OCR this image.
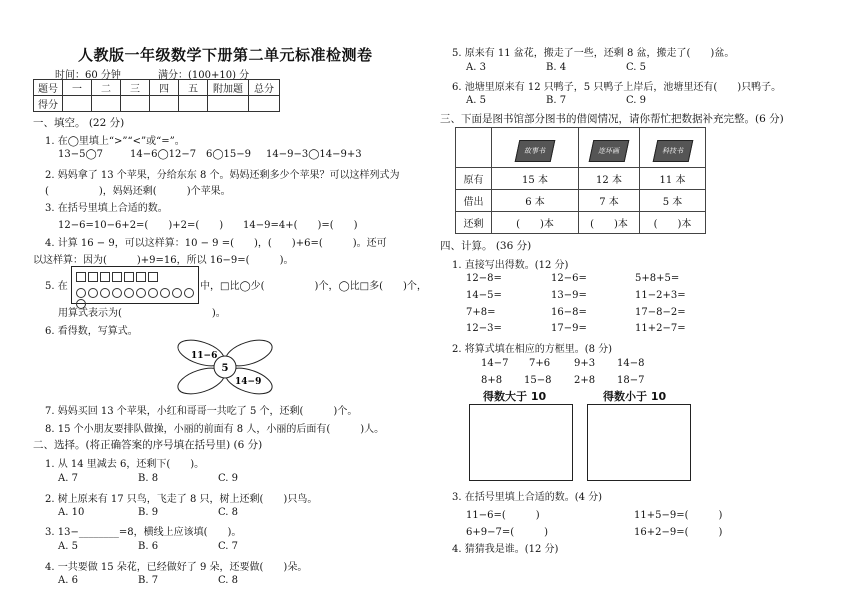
人教版一年级数学下册第二单元标准检测卷
时间：60 分钟	满分：(100+10) 分
题号	一	二	三	四	五	附加题	总分
得分							
一、填空。 (22 分)
1. 在◯里填上“>”“<”或“=”。
13−5◯7	14−6◯12−7 6◯15−9 14−9−3◯14−9+3
2. 妈妈拿了 13 个苹果，分给东东 8 个。妈妈还剩多少个苹果？可以这样列式为
(　　　　　)，妈妈还剩(　　　)个苹果。
3. 在括号里填上合适的数。
12−6=10−6+2=(　　)+2=(　　) 14−9=4+(　　)=(　　)
4. 计算 16 − 9，可以这样算：10 − 9 =(　　)，(　　)+6=(　　　)。还可
以这样算：因为(　　　)+9=16，所以 16−9=(　　　)。
5. 在	中，□比◯少(　　　　　)个，◯比□多(　　)个，
用算式表示为(　　　　　　　　　)。
6. 看得数，写算式。
5
11−6
14−9
7. 妈妈买回 13 个苹果，小红和哥哥一共吃了 5 个，还剩(　　　)个。
8. 15 个小朋友要排队做操，小丽的前面有 8 人，小丽的后面有(　　　)人。
二、选择。(将正确答案的序号填在括号里) (6 分)
1. 从 14 里减去 6，还剩下(　　)。
A. 7	B. 8	C. 9
2. 树上原来有 17 只鸟，飞走了 8 只，树上还剩(　　)只鸟。
A. 10	B. 9	C. 8
3. 13−________=8，横线上应该填(　　)。
A. 5	B. 6	C. 7
4. 一共要做 15 朵花，已经做好了 9 朵，还要做(　　)朵。
A. 6	B. 7	C. 8
5. 原来有 11 盆花，搬走了一些，还剩 8 盆，搬走了(　　)盆。
A. 3	B. 4	C. 5
6. 池塘里原来有 12 只鸭子，5 只鸭子上岸后，池塘里还有(　　)只鸭子。
A. 5	B. 7	C. 9
三、下面是图书馆部分图书的借阅情况，请你帮忙把数据补充完整。(6 分)
	故事书	连环画	科技书
原有	15 本	12 本	11 本
借出	6 本	7 本	5 本
还剩	(　　)本	(　　)本	(　　)本
四、计算。 (36 分)
1. 直接写出得数。(12 分)
12−8=	12−6=	5+8+5=
14−5=	13−9=	11−2+3=
7+8=	16−8=	17−8−2=
12−3=	17−9=	11+2−7=
2. 将算式填在相应的方框里。(8 分)
14−7 7+6 9+3 14−8
8+8 15−8 2+8 18−7
得数大于 10	得数小于 10
3. 在括号里填上合适的数。(4 分)
11−6=(　　　)	11+5−9=(　　　)
6+9−7=(　　　)	16+2−9=(　　　)
4. 猜猜我是谁。(12 分)
